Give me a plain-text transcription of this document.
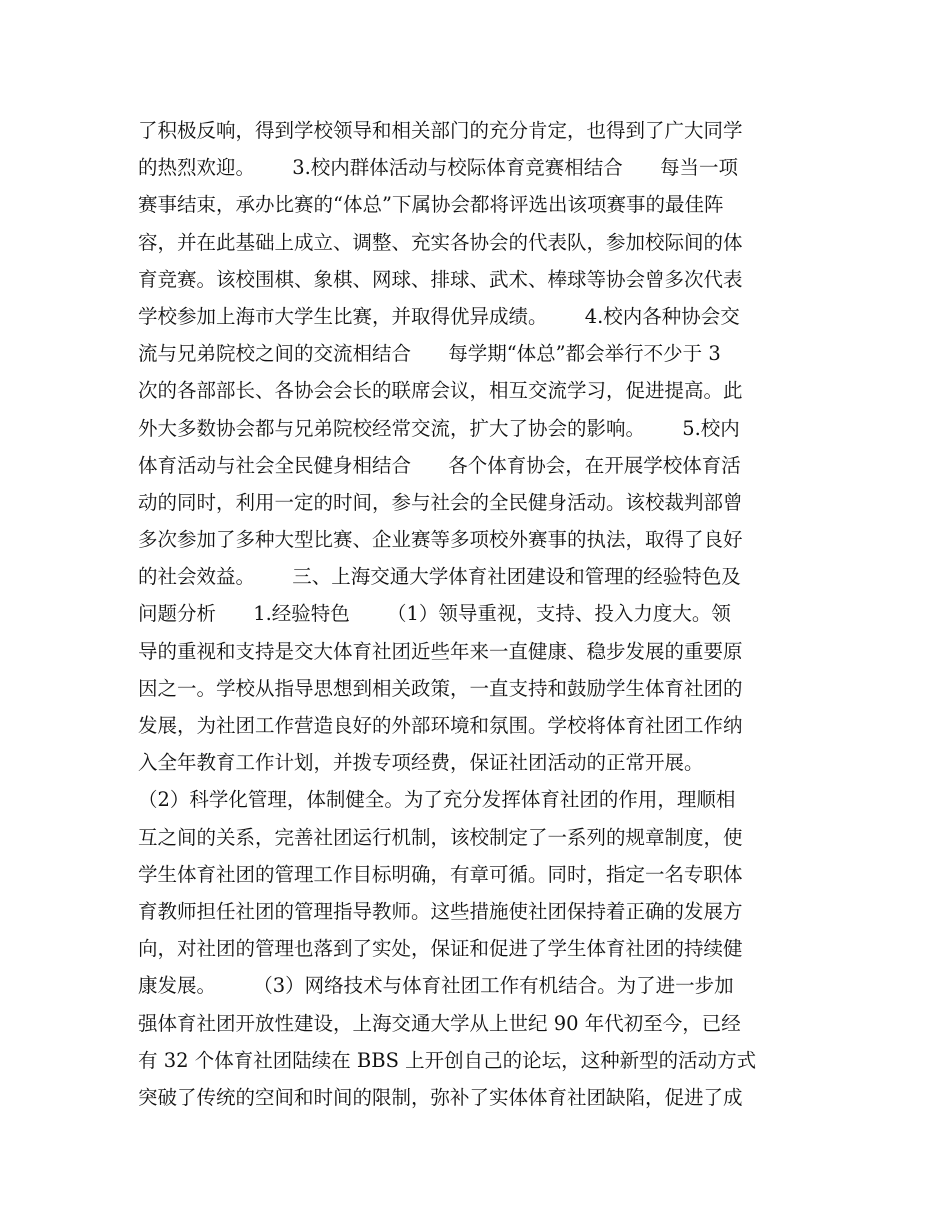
了积极反响，得到学校领导和相关部门的充分肯定，也得到了广大同学
的热烈欢迎。      3.校内群体活动与校际体育竞赛相结合      每当一项
赛事结束，承办比赛的“体总”下属协会都将评选出该项赛事的最佳阵
容，并在此基础上成立、调整、充实各协会的代表队，参加校际间的体
育竞赛。该校围棋、象棋、网球、排球、武术、棒球等协会曾多次代表
学校参加上海市大学生比赛，并取得优异成绩。      4.校内各种协会交
流与兄弟院校之间的交流相结合      每学期“体总”都会举行不少于 3
次的各部部长、各协会会长的联席会议，相互交流学习，促进提高。此
外大多数协会都与兄弟院校经常交流，扩大了协会的影响。      5.校内
体育活动与社会全民健身相结合      各个体育协会，在开展学校体育活
动的同时，利用一定的时间，参与社会的全民健身活动。该校裁判部曾
多次参加了多种大型比赛、企业赛等多项校外赛事的执法，取得了良好
的社会效益。      三、上海交通大学体育社团建设和管理的经验特色及
问题分析      1.经验特色      （1）领导重视，支持、投入力度大。领
导的重视和支持是交大体育社团近些年来一直健康、稳步发展的重要原
因之一。学校从指导思想到相关政策，一直支持和鼓励学生体育社团的
发展，为社团工作营造良好的外部环境和氛围。学校将体育社团工作纳
入全年教育工作计划，并拨专项经费，保证社团活动的正常开展。
（2）科学化管理，体制健全。为了充分发挥体育社团的作用，理顺相
互之间的关系，完善社团运行机制，该校制定了一系列的规章制度，使
学生体育社团的管理工作目标明确，有章可循。同时，指定一名专职体
育教师担任社团的管理指导教师。这些措施使社团保持着正确的发展方
向，对社团的管理也落到了实处，保证和促进了学生体育社团的持续健
康发展。      （3）网络技术与体育社团工作有机结合。为了进一步加
强体育社团开放性建设，上海交通大学从上世纪 90 年代初至今，已经
有 32 个体育社团陆续在 BBS 上开创自己的论坛，这种新型的活动方式
突破了传统的空间和时间的限制，弥补了实体体育社团缺陷，促进了成
